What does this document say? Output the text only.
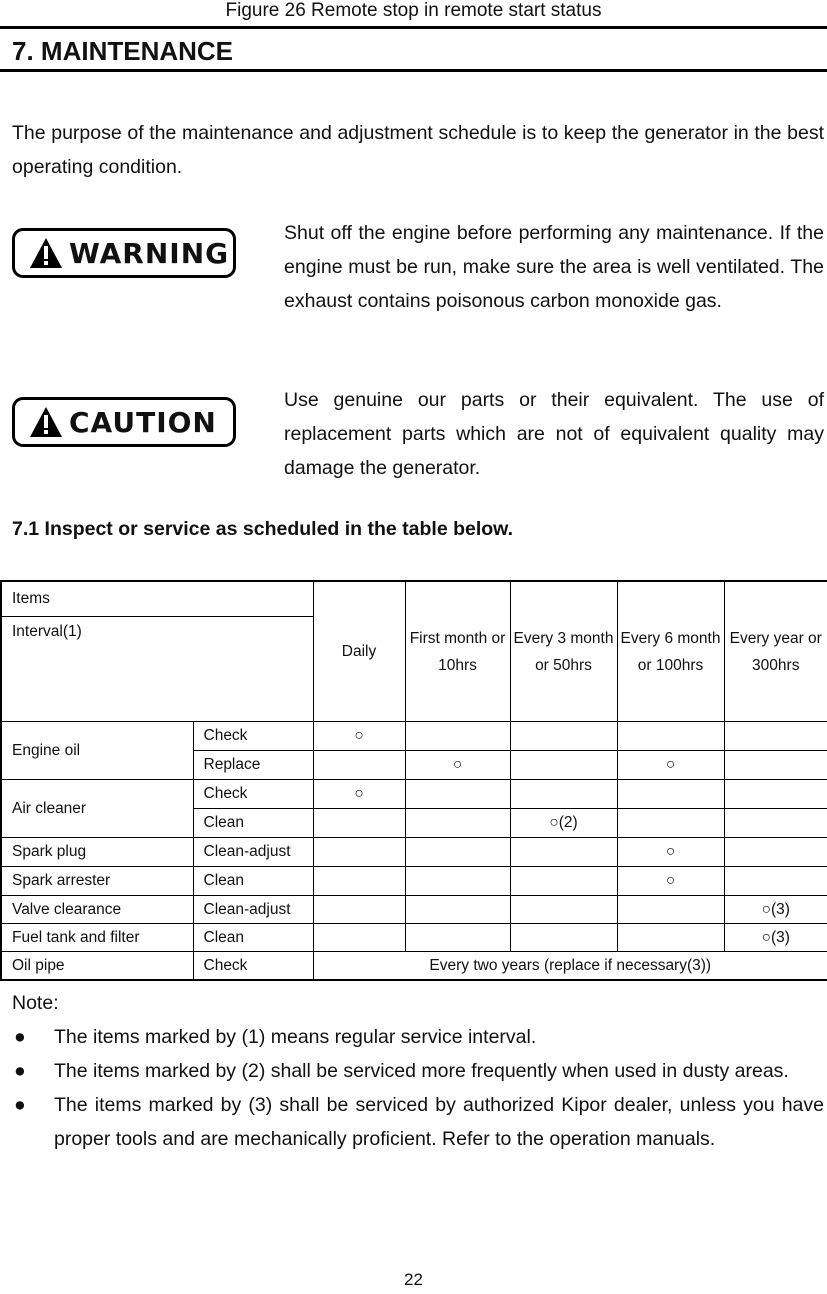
Figure 26 Remote stop in remote start status
7. MAINTENANCE
The purpose of the maintenance and adjustment schedule is to keep the generator in the best operating condition.
WARNING
Shut off the engine before performing any maintenance. If the engine must be run, make sure the area is well ventilated. The exhaust contains poisonous carbon monoxide gas.
CAUTION
Use genuine our parts or their equivalent. The use of replacement parts which are not of equivalent quality may damage the generator.
7.1 Inspect or service as scheduled in the table below.
Items		Daily	First month or 10hrs	Every 3 month or 50hrs	Every 6 month or 100hrs	Every year or 300hrs
Interval(1)						
Engine oil	Check	○				
	Replace		○		○	
Air cleaner	Check	○				
	Clean			○(2)		
Spark plug	Clean-adjust				○	
Spark arrester	Clean				○	
Valve clearance	Clean-adjust					○(3)
Fuel tank and filter	Clean					○(3)
Oil pipe	Check	Every two years (replace if necessary(3))				

Note:

● The items marked by (1) means regular service interval.
● The items marked by (2) shall be serviced more frequently when used in dusty areas.
● The items marked by (3) shall be serviced by authorized Kipor dealer, unless you have proper tools and are mechanically proficient. Refer to the operation manuals.
22
